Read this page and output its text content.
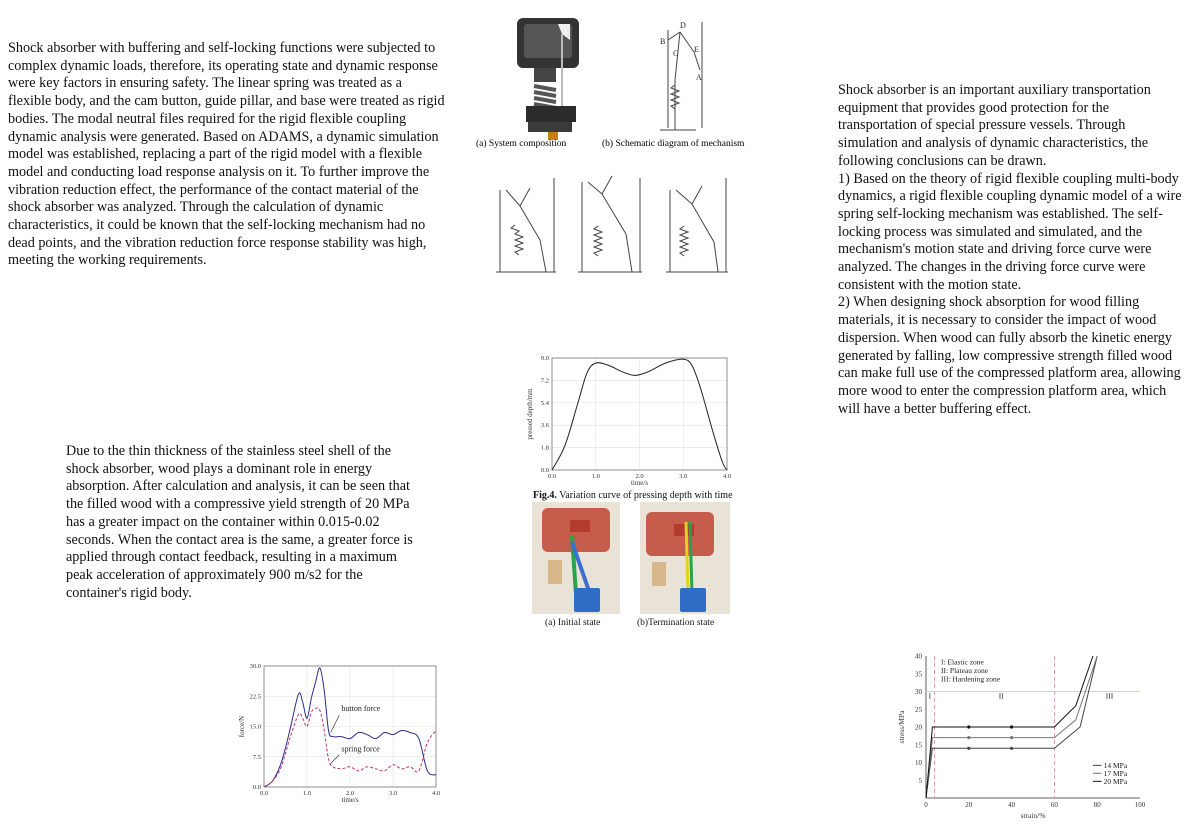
Shock absorber with buffering and self-locking functions were subjected to complex dynamic loads, therefore, its operating state and dynamic response were key factors in ensuring safety. The linear spring was treated as a flexible body, and the cam button, guide pillar, and base were treated as rigid bodies. The modal neutral files required for the rigid flexible coupling dynamic analysis were generated. Based on ADAMS, a dynamic simulation model was established, replacing a part of the rigid model with a flexible model and conducting load response analysis on it. To further improve the vibration reduction effect, the performance of the contact material of the shock absorber was analyzed. Through the calculation of dynamic characteristics, it could be known that the self-locking mechanism had no dead points, and the vibration reduction force response stability was high, meeting the working requirements.

Shock absorber is an important auxiliary transportation equipment that provides good protection for the transportation of special pressure vessels. Through simulation and analysis of dynamic characteristics, the following conclusions can be drawn.
1) Based on the theory of rigid flexible coupling multi-body dynamics, a rigid flexible coupling dynamic model of a wire spring self-locking mechanism was established. The self-locking process was simulated and simulated, and the mechanism's motion state and driving force curve were analyzed. The changes in the driving force curve were consistent with the motion state.
2) When designing shock absorption for wood filling materials, it is necessary to consider the impact of wood dispersion. When wood can fully absorb the kinetic energy generated by falling, low compressive strength filled wood can make full use of the compressed platform area, allowing more wood to enter the compression platform area, which will have a better buffering effect.

Due to the thin thickness of the stainless steel shell of the shock absorber, wood plays a dominant role in energy absorption. After calculation and analysis, it can be seen that the filled wood with a compressive yield strength of 20 MPa has a greater impact on the container within 0.015-0.02 seconds. When the contact area is the same, a greater force is applied through contact feedback, resulting in a maximum peak acceleration of approximately 900 m/s2 for the container's rigid body.

(a) System composition
B
D
C E
A
(b) Schematic diagram of mechanism
0.0	1.0	2.0	3.0	4.0
0.0
1.8
3.6
5.4
7.2
9.0
time/s
pressed depth/mm
Fig.4. Variation curve of pressing depth with time
(a) Initial state	(b)Termination state
0.0	1.0	2.0	3.0	4.0
0.0
7.5
15.0
22.5
30.0
time/s
force/N
button force
spring force
0	20	40	60	80	100
5
10
15
20
25
30
35
40
strain/%
stress/MPa
I: Elastic zone
II: Plateau zone
III: Hardening zone
I	II	III
14 MPa
17 MPa
20 MPa
